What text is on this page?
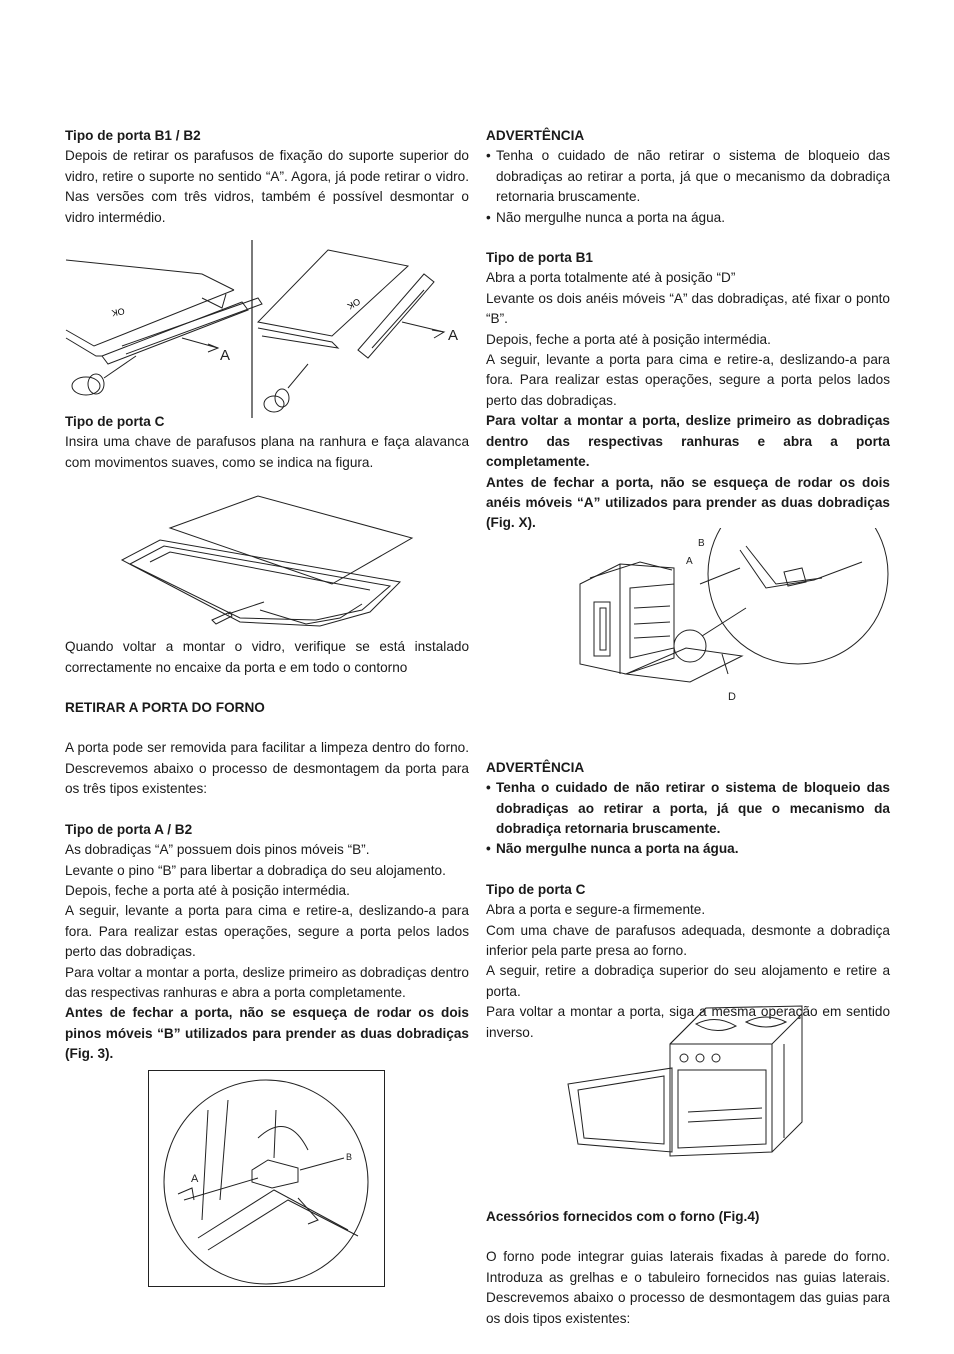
Tipo de porta B1 / B2

Depois de retirar os parafusos de fixação do suporte superior do vidro, retire o suporte no sentido “A”. Agora, já pode retirar o vidro. Nas versões com três vidros, também é possível desmontar o vidro intermédio.

Tipo de porta C

Insira uma chave de parafusos plana na ranhura e faça alavanca com movimentos suaves, como se indica na figura.

Quando voltar a montar o vidro, verifique se está instalado correctamente no encaixe da porta e em todo o contorno

RETIRAR A PORTA DO FORNO

A porta pode ser removida para facilitar a limpeza dentro do forno. Descrevemos abaixo o processo de desmontagem da porta para os três tipos existentes:

Tipo de porta A / B2

As dobradiças “A” possuem dois pinos móveis “B”.

Levante o pino “B” para libertar a dobradiça do seu alojamento.

Depois, feche a porta até à posição intermédia.

A seguir, levante a porta para cima e retire-a, deslizando-a para fora. Para realizar estas operações, segure a porta pelos lados perto das dobradiças.

Para voltar a montar a porta, deslize primeiro as dobradiças dentro das respectivas ranhuras e abra a porta completamente.

Antes de fechar a porta, não se esqueça de rodar os dois pinos móveis “B” utilizados para prender as duas dobradiças (Fig. 3).

ADVERTÊNCIA

• Tenha o cuidado de não retirar o sistema de bloqueio das dobradiças ao retirar a porta, já que o mecanismo da dobradiça retornaria bruscamente.

• Não mergulhe nunca a porta na água.

Tipo de porta B1

Abra a porta totalmente até à posição “D”

Levante os dois anéis móveis “A” das dobradiças, até fixar o ponto “B”.

Depois, feche a porta até à posição intermédia.

A seguir, levante a porta para cima e retire-a, deslizando-a para fora. Para realizar estas operações, segure a porta pelos lados perto das dobradiças.

Para voltar a montar a porta, deslize primeiro as dobradiças dentro das respectivas ranhuras e abra a porta completamente.

Antes de fechar a porta, não se esqueça de rodar os dois anéis móveis “A” utilizados para prender as duas dobradiças (Fig. X).

ADVERTÊNCIA

• Tenha o cuidado de não retirar o sistema de bloqueio das dobradiças ao retirar a porta, já que o mecanismo da dobradiça retornaria bruscamente.

• Não mergulhe nunca a porta na água.

Tipo de porta C

Abra a porta e segure-a firmemente.

Com uma chave de parafusos adequada, desmonte a dobradiça inferior pela parte presa ao forno.

A seguir, retire a dobradiça superior do seu alojamento e retire a porta.

Para voltar a montar a porta, siga a mesma operação em sentido inverso.

Acessórios fornecidos com o forno (Fig.4)

O forno pode integrar guias laterais fixadas à parede do forno. Introduza as grelhas e o tabuleiro fornecidos nas guias laterais. Descrevemos abaixo o processo de desmontagem das guias para os dois tipos existentes:

OK
OK
A
A
A
B
B
A
D
